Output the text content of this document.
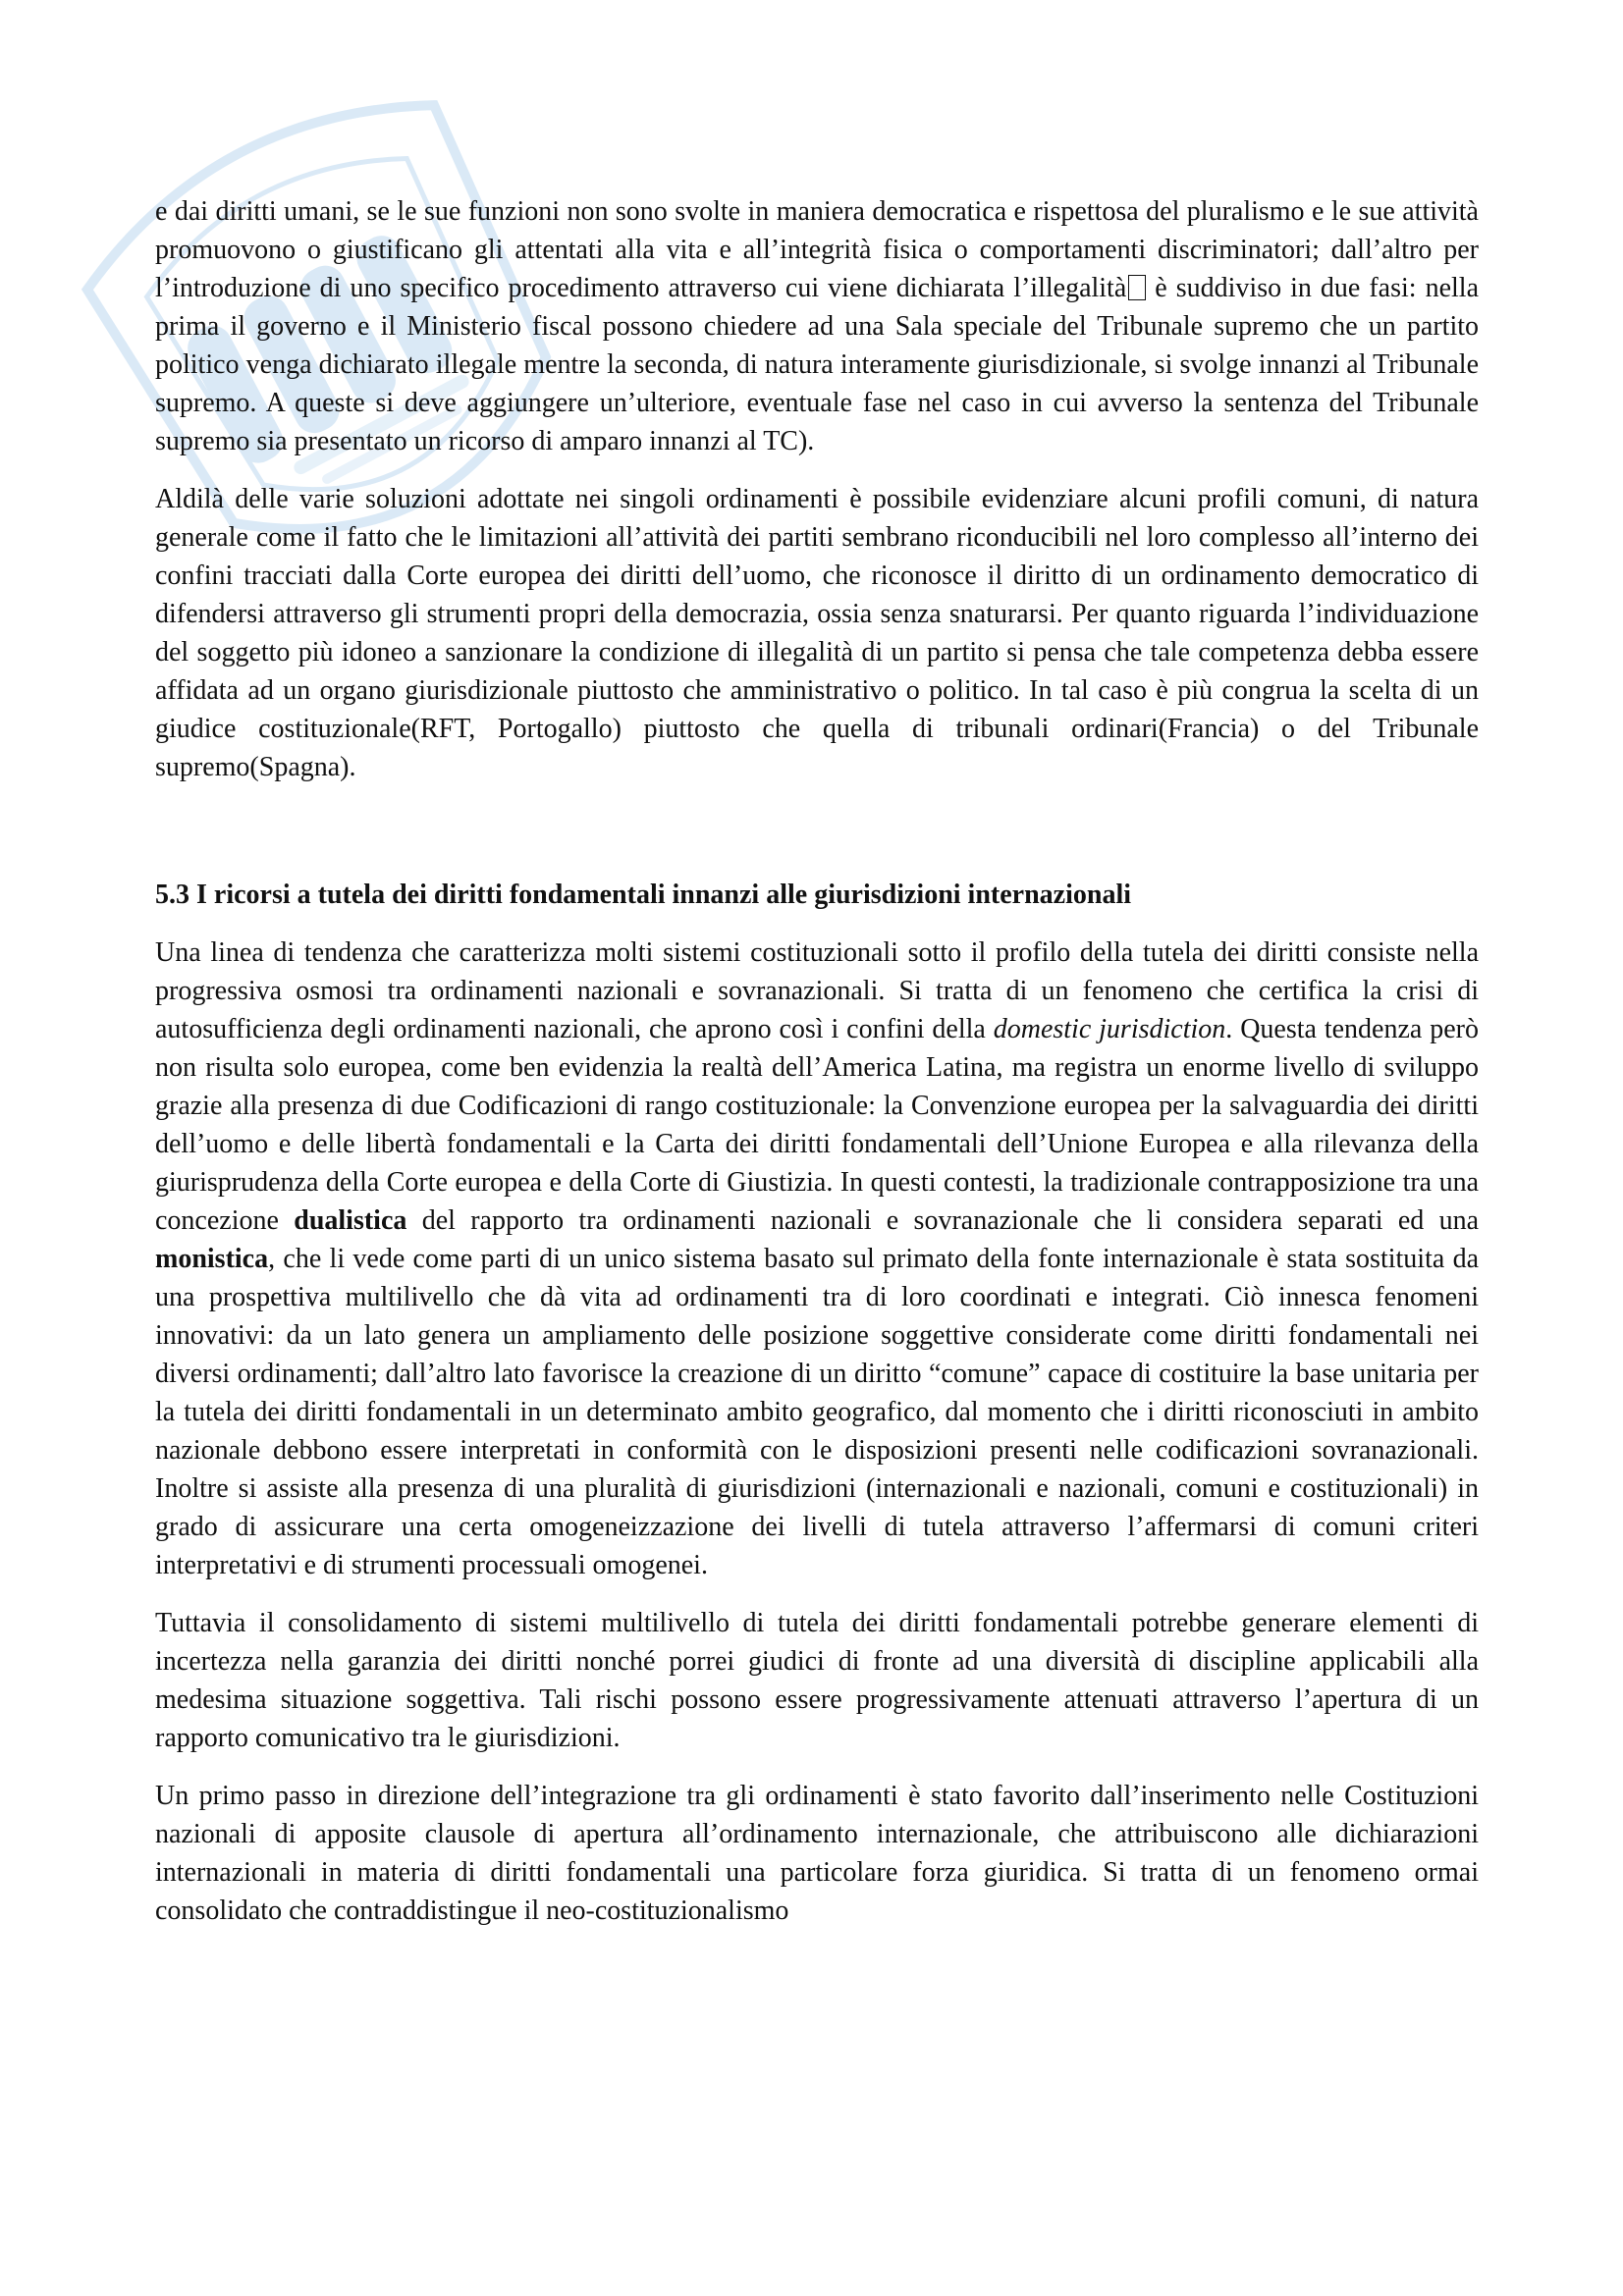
e dai diritti umani, se le sue funzioni non sono svolte in maniera democratica e rispettosa del pluralismo e le sue attività promuovono o giustificano gli attentati alla vita e all’integrità fisica o comportamenti discriminatori; dall’altro per l’introduzione di uno specifico procedimento attraverso cui viene dichiarata l’illegalità è suddiviso in due fasi: nella prima il governo e il Ministerio fiscal possono chiedere ad una Sala speciale del Tribunale supremo che un partito politico venga dichiarato illegale mentre la seconda, di natura interamente giurisdizionale, si svolge innanzi al Tribunale supremo. A queste si deve aggiungere un’ulteriore, eventuale fase nel caso in cui avverso la sentenza del Tribunale supremo sia presentato un ricorso di amparo innanzi al TC).

Aldilà delle varie soluzioni adottate nei singoli ordinamenti è possibile evidenziare alcuni profili comuni, di natura generale come il fatto che le limitazioni all’attività dei partiti sembrano riconducibili nel loro complesso all’interno dei confini tracciati dalla Corte europea dei diritti dell’uomo, che riconosce il diritto di un ordinamento democratico di difendersi attraverso gli strumenti propri della democrazia, ossia senza snaturarsi. Per quanto riguarda l’individuazione del soggetto più idoneo a sanzionare la condizione di illegalità di un partito si pensa che tale competenza debba essere affidata ad un organo giurisdizionale piuttosto che amministrativo o politico. In tal caso è più congrua la scelta di un giudice costituzionale(RFT, Portogallo) piuttosto che quella di tribunali ordinari(Francia) o del Tribunale supremo(Spagna).

5.3 I ricorsi a tutela dei diritti fondamentali innanzi alle giurisdizioni internazionali

Una linea di tendenza che caratterizza molti sistemi costituzionali sotto il profilo della tutela dei diritti consiste nella progressiva osmosi tra ordinamenti nazionali e sovranazionali. Si tratta di un fenomeno che certifica la crisi di autosufficienza degli ordinamenti nazionali, che aprono così i confini della domestic jurisdiction. Questa tendenza però non risulta solo europea, come ben evidenzia la realtà dell’America Latina, ma registra un enorme livello di sviluppo grazie alla presenza di due Codificazioni di rango costituzionale: la Convenzione europea per la salvaguardia dei diritti dell’uomo e delle libertà fondamentali e la Carta dei diritti fondamentali dell’Unione Europea e alla rilevanza della giurisprudenza della Corte europea e della Corte di Giustizia. In questi contesti, la tradizionale contrapposizione tra una concezione dualistica del rapporto tra ordinamenti nazionali e sovranazionale che li considera separati ed una monistica, che li vede come parti di un unico sistema basato sul primato della fonte internazionale è stata sostituita da una prospettiva multilivello che dà vita ad ordinamenti tra di loro coordinati e integrati. Ciò innesca fenomeni innovativi: da un lato genera un ampliamento delle posizione soggettive considerate come diritti fondamentali nei diversi ordinamenti; dall’altro lato favorisce la creazione di un diritto “comune” capace di costituire la base unitaria per la tutela dei diritti fondamentali in un determinato ambito geografico, dal momento che i diritti riconosciuti in ambito nazionale debbono essere interpretati in conformità con le disposizioni presenti nelle codificazioni sovranazionali. Inoltre si assiste alla presenza di una pluralità di giurisdizioni (internazionali e nazionali, comuni e costituzionali) in grado di assicurare una certa omogeneizzazione dei livelli di tutela attraverso l’affermarsi di comuni criteri interpretativi e di strumenti processuali omogenei.

Tuttavia il consolidamento di sistemi multilivello di tutela dei diritti fondamentali potrebbe generare elementi di incertezza nella garanzia dei diritti nonché porrei giudici di fronte ad una diversità di discipline applicabili alla medesima situazione soggettiva. Tali rischi possono essere progressivamente attenuati attraverso l’apertura di un rapporto comunicativo tra le giurisdizioni.

Un primo passo in direzione dell’integrazione tra gli ordinamenti è stato favorito dall’inserimento nelle Costituzioni nazionali di apposite clausole di apertura all’ordinamento internazionale, che attribuiscono alle dichiarazioni internazionali in materia di diritti fondamentali una particolare forza giuridica. Si tratta di un fenomeno ormai consolidato che contraddistingue il neo-costituzionalismo
